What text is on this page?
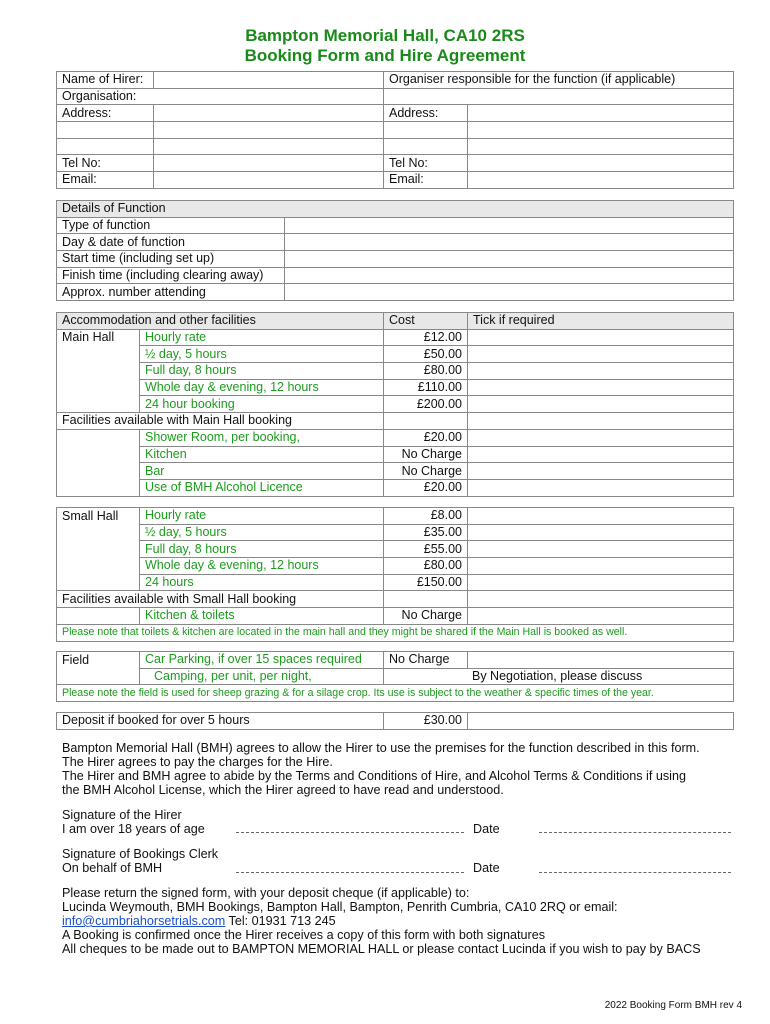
Bampton Memorial Hall, CA10 2RS
Booking Form and Hire Agreement
Name of Hirer:		Organiser responsible for the function (if applicable)	
Organisation:			
Address:		Address:	

Tel No:		Tel No:	
Email:		Email:	
Details of Function	
Type of function	
Day & date of function	
Start time (including set up)	
Finish time (including clearing away)	
Approx. number attending	
Accommodation and other facilities		Cost	Tick if required
Main Hall	Hourly rate	£12.00	
	½ day, 5 hours	£50.00	
	Full day, 8 hours	£80.00	
	Whole day & evening, 12 hours	£110.00	
	24 hour booking	£200.00	
Facilities available with Main Hall booking			
	Shower Room, per booking,	£20.00	
	Kitchen	No Charge	
	Bar	No Charge	
	Use of BMH Alcohol Licence	£20.00	
Small Hall	Hourly rate	£8.00	
	½ day, 5 hours	£35.00	
	Full day, 8 hours	£55.00	
	Whole day & evening, 12 hours	£80.00	
	24 hours	£150.00	
Facilities available with Small Hall booking			
	Kitchen & toilets	No Charge	
Please note that toilets & kitchen are located in the main hall and they might be shared if the Main Hall is booked as well.			
Field	Car Parking, if over 15 spaces required	No Charge	
	Camping, per unit, per night,	By Negotiation, please discuss	
Please note the field is used for sheep grazing & for a silage crop. Its use is subject to the weather & specific times of the year.			
Deposit if booked for over 5 hours	£30.00	
Bampton Memorial Hall (BMH) agrees to allow the Hirer to use the premises for the function described in this form.
The Hirer agrees to pay the charges for the Hire.
The Hirer and BMH agree to abide by the Terms and Conditions of Hire, and Alcohol Terms & Conditions if using
the BMH Alcohol License, which the Hirer agreed to have read and understood.
Signature of the Hirer
I am over 18 years of age	Date
Signature of Bookings Clerk
On behalf of BMH	Date
Please return the signed form, with your deposit cheque (if applicable) to:
Lucinda Weymouth, BMH Bookings, Bampton Hall, Bampton, Penrith Cumbria, CA10 2RQ or email:
info@cumbriahorsetrials.com Tel: 01931 713 245
A Booking is confirmed once the Hirer receives a copy of this form with both signatures
All cheques to be made out to BAMPTON MEMORIAL HALL or please contact Lucinda if you wish to pay by BACS
2022 Booking Form BMH rev 4
